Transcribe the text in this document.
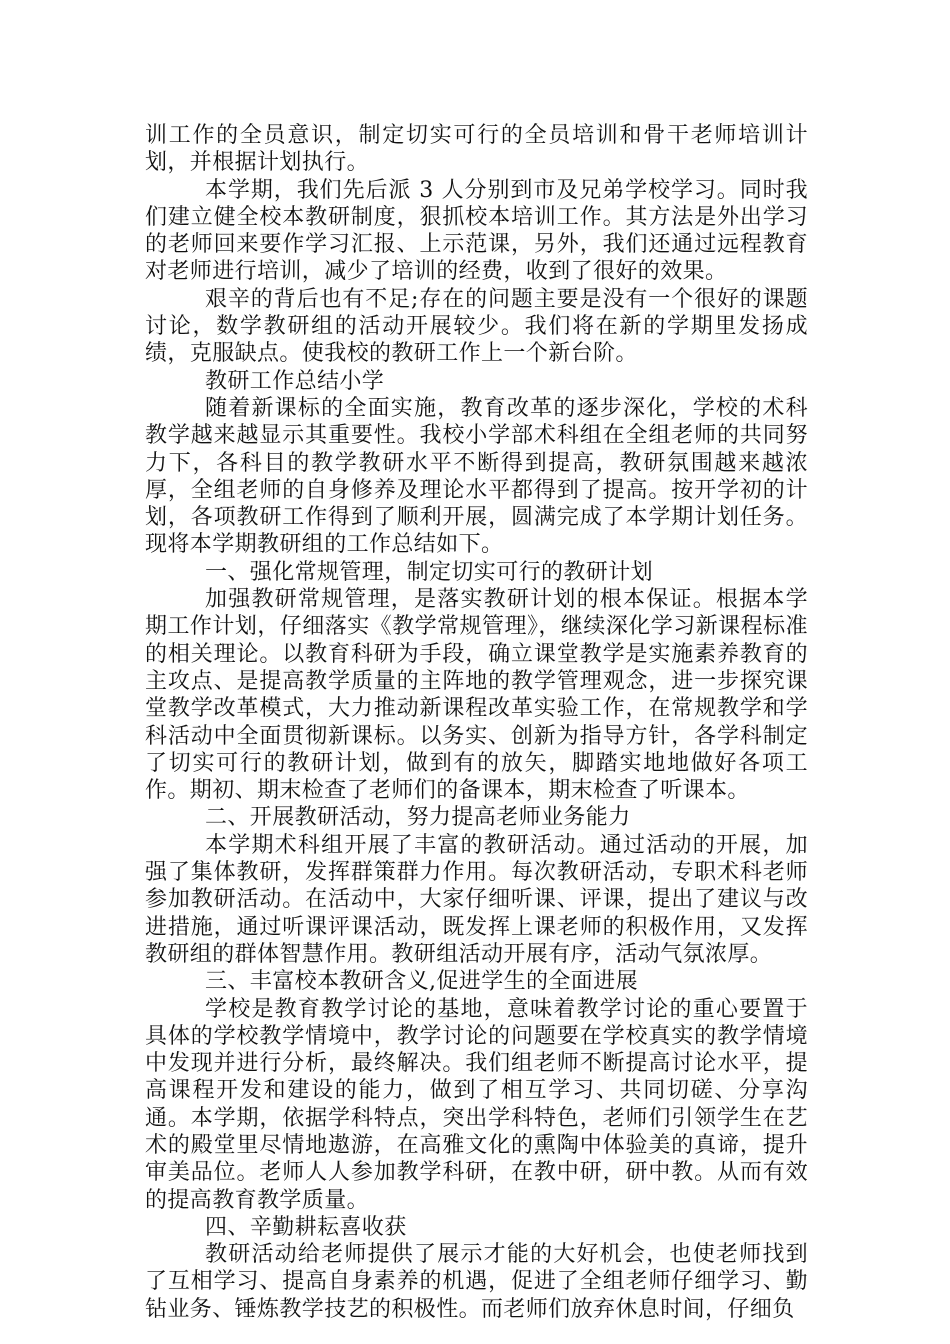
训工作的全员意识，制定切实可行的全员培训和骨干老师培训计划，并根据计划执行。

本学期，我们先后派 3 人分别到市及兄弟学校学习。同时我们建立健全校本教研制度，狠抓校本培训工作。其方法是外出学习的老师回来要作学习汇报、上示范课，另外，我们还通过远程教育对老师进行培训，减少了培训的经费，收到了很好的效果。

艰辛的背后也有不足;存在的问题主要是没有一个很好的课题讨论，数学教研组的活动开展较少。我们将在新的学期里发扬成绩，克服缺点。使我校的教研工作上一个新台阶。

教研工作总结小学

随着新课标的全面实施，教育改革的逐步深化，学校的术科教学越来越显示其重要性。我校小学部术科组在全组老师的共同努力下，各科目的教学教研水平不断得到提高，教研氛围越来越浓厚，全组老师的自身修养及理论水平都得到了提高。按开学初的计划，各项教研工作得到了顺利开展，圆满完成了本学期计划任务。现将本学期教研组的工作总结如下。

一、强化常规管理，制定切实可行的教研计划

加强教研常规管理，是落实教研计划的根本保证。根据本学期工作计划，仔细落实《教学常规管理》，继续深化学习新课程标准的相关理论。以教育科研为手段，确立课堂教学是实施素养教育的主攻点、是提高教学质量的主阵地的教学管理观念，进一步探究课堂教学改革模式，大力推动新课程改革实验工作，在常规教学和学科活动中全面贯彻新课标。以务实、创新为指导方针，各学科制定了切实可行的教研计划，做到有的放矢，脚踏实地地做好各项工作。期初、期末检查了老师们的备课本，期末检查了听课本。

二、开展教研活动，努力提高老师业务能力

本学期术科组开展了丰富的教研活动。通过活动的开展，加强了集体教研，发挥群策群力作用。每次教研活动，专职术科老师参加教研活动。在活动中，大家仔细听课、评课，提出了建议与改进措施，通过听课评课活动，既发挥上课老师的积极作用，又发挥教研组的群体智慧作用。教研组活动开展有序，活动气氛浓厚。

三、丰富校本教研含义,促进学生的全面进展

学校是教育教学讨论的基地，意味着教学讨论的重心要置于具体的学校教学情境中，教学讨论的问题要在学校真实的教学情境中发现并进行分析，最终解决。我们组老师不断提高讨论水平，提高课程开发和建设的能力，做到了相互学习、共同切磋、分享沟通。本学期，依据学科特点，突出学科特色，老师们引领学生在艺术的殿堂里尽情地遨游，在高雅文化的熏陶中体验美的真谛，提升审美品位。老师人人参加教学科研，在教中研，研中教。从而有效的提高教育教学质量。

四、辛勤耕耘喜收获

教研活动给老师提供了展示才能的大好机会，也使老师找到了互相学习、提高自身素养的机遇，促进了全组老师仔细学习、勤钻业务、锤炼教学技艺的积极性。而老师们放弃休息时间，仔细负
